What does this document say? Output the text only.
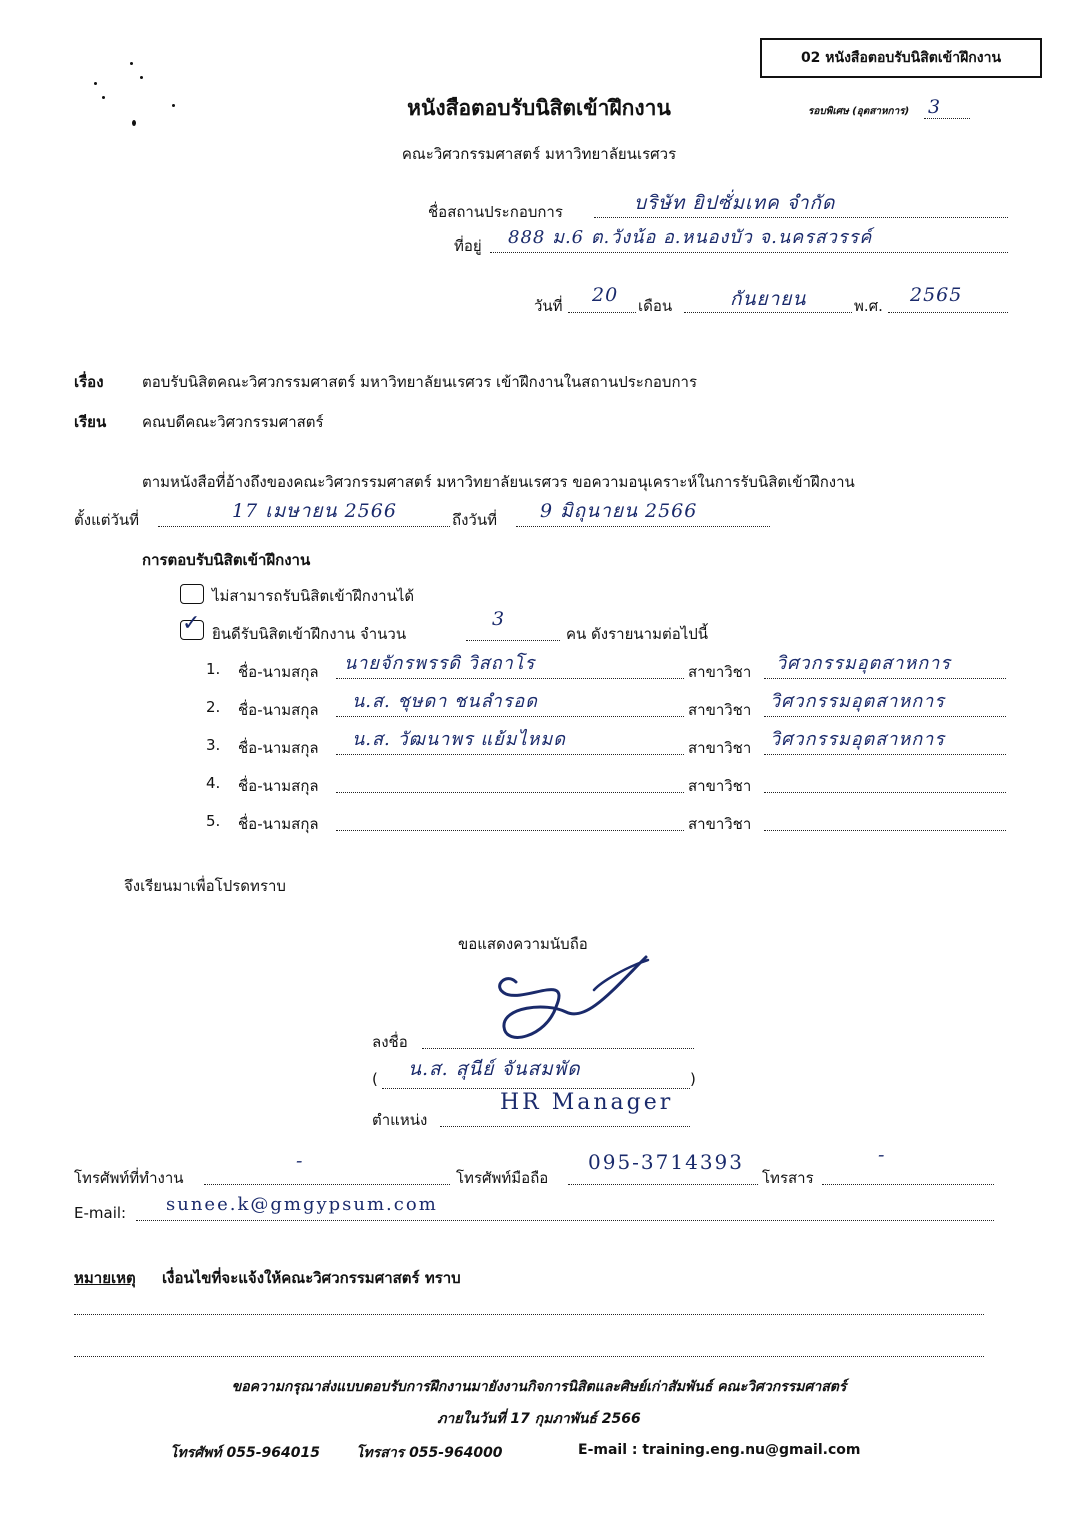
02 หนังสือตอบรับนิสิตเข้าฝึกงาน
หนังสือตอบรับนิสิตเข้าฝึกงาน	รอบพิเศษ (อุตสาหการ) 3
คณะวิศวกรรมศาสตร์ มหาวิทยาลัยนเรศวร
ชื่อสถานประกอบการ	บริษัท ยิปซั่มเทค จำกัด
ที่อยู่ 888 ม.6 ต.วังน้อ อ.หนองบัว จ.นครสวรรค์
วันที่ 20 เดือน	กันยายน	พ.ศ. 2565
เรื่อง	ตอบรับนิสิตคณะวิศวกรรมศาสตร์ มหาวิทยาลัยนเรศวร เข้าฝึกงานในสถานประกอบการ
เรียน คณบดีคณะวิศวกรรมศาสตร์
ตามหนังสือที่อ้างถึงของคณะวิศวกรรมศาสตร์ มหาวิทยาลัยนเรศวร ขอความอนุเคราะห์ในการรับนิสิตเข้าฝึกงาน
ตั้งแต่วันที่	17 เมษายน 2566	ถึงวันที่ 9 มิถุนายน 2566
การตอบรับนิสิตเข้าฝึกงาน
ไม่สามารถรับนิสิตเข้าฝึกงานได้
✓ ยินดีรับนิสิตเข้าฝึกงาน จำนวน
3
คน ดังรายนามต่อไปนี้
1. ชื่อ-นามสกุล นายจักรพรรดิ วิสถาโร	สาขาวิชา วิศวกรรมอุตสาหการ
2. ชื่อ-นามสกุล น.ส. ชุษดา ชนลำรอด	สาขาวิชา วิศวกรรมอุตสาหการ
3. ชื่อ-นามสกุล น.ส. วัฒนาพร แย้มไหมด	สาขาวิชา วิศวกรรมอุตสาหการ
4. ชื่อ-นามสกุล	สาขาวิชา
5. ชื่อ-นามสกุล	สาขาวิชา
จึงเรียนมาเพื่อโปรดทราบ
ขอแสดงความนับถือ
ลงชื่อ
( น.ส. สุนีย์ จันสมพัด	)
ตำแหน่ง
HR Manager
โทรศัพท์ที่ทำงาน
-
โทรศัพท์มือถือ
095-3714393
โทรสาร
-
E-mail: sunee.k@gmgypsum.com
หมายเหตุ เงื่อนไขที่จะแจ้งให้คณะวิศวกรรมศาสตร์ ทราบ
ขอความกรุณาส่งแบบตอบรับการฝึกงานมายังงานกิจการนิสิตและศิษย์เก่าสัมพันธ์ คณะวิศวกรรมศาสตร์
ภายในวันที่ 17 กุมภาพันธ์ 2566
โทรศัพท์ 055-964015	โทรสาร 055-964000	E-mail : training.eng.nu@gmail.com
